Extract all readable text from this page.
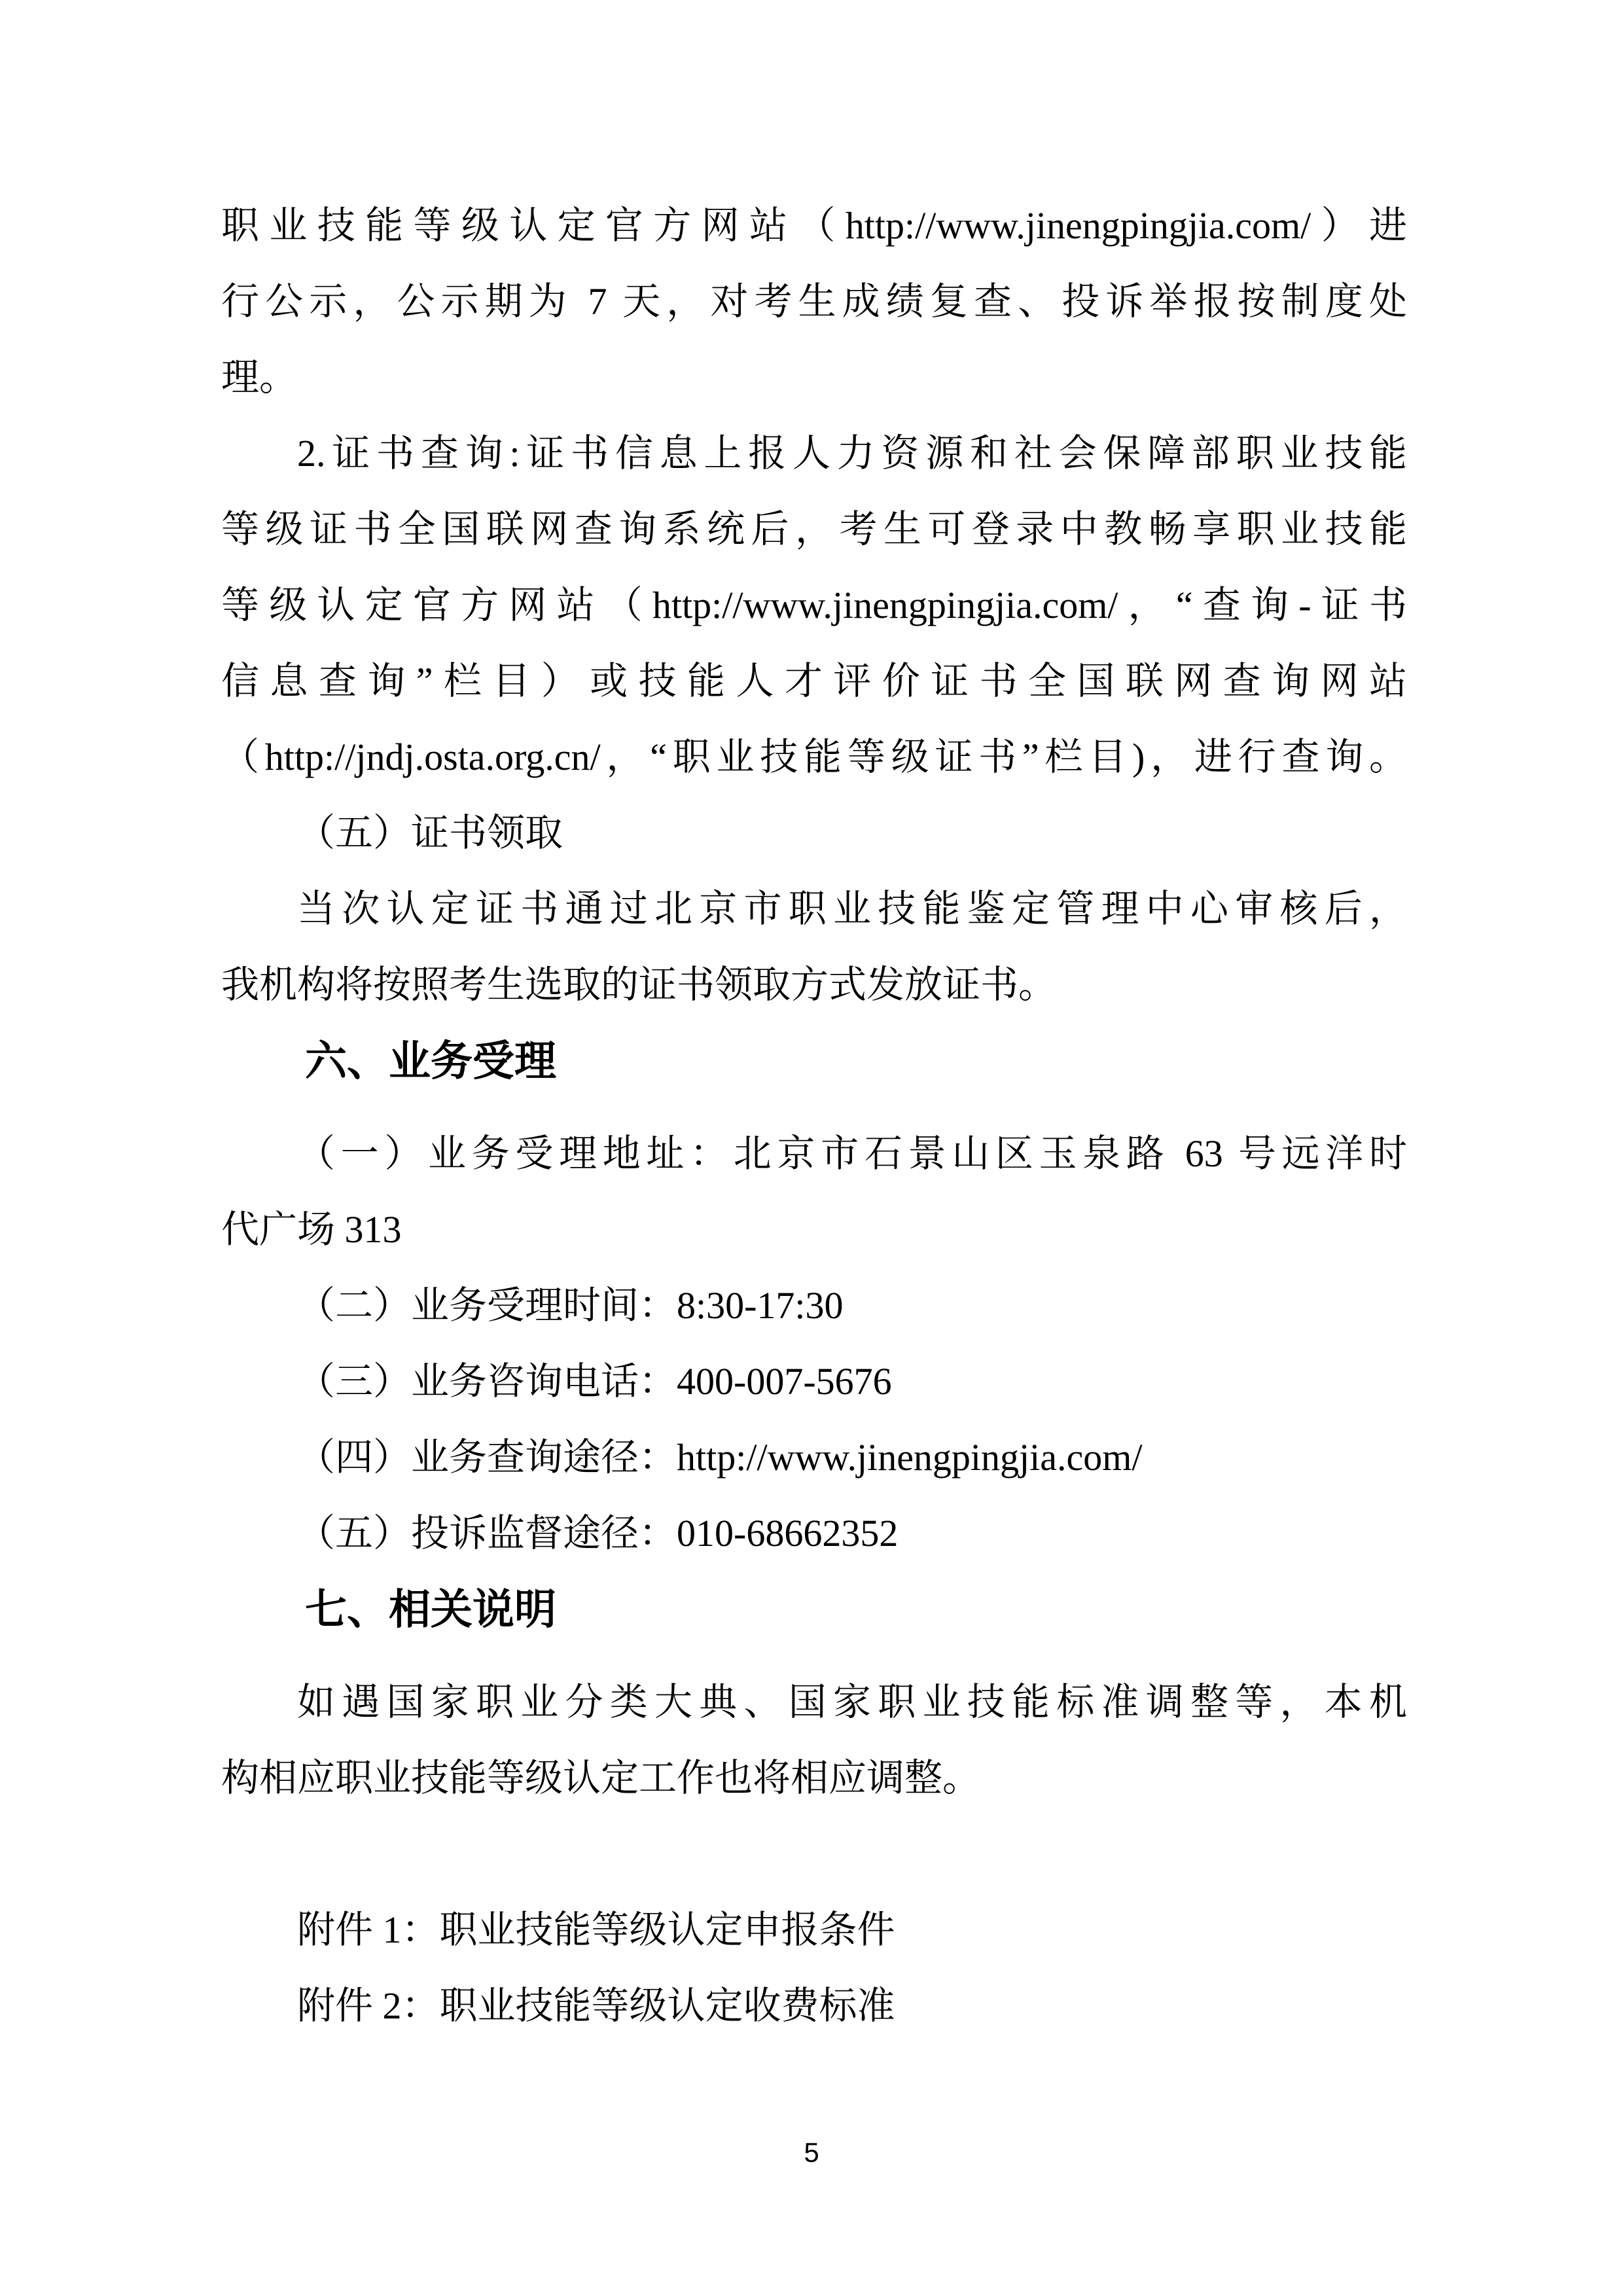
职业技能等级认定官方网站（http://www.jinengpingjia.com/）进
行公示，公示期为 7 天，对考生成绩复查、投诉举报按制度处
理。
2.证书查询:证书信息上报人力资源和社会保障部职业技能
等级证书全国联网查询系统后，考生可登录中教畅享职业技能
等级认定官方网站（http://www.jinengpingjia.com/，“查询-证书
信息查询”栏目）或技能人才评价证书全国联网查询网站
（http://jndj.osta.org.cn/，“职业技能等级证书”栏目)，进行查询。
（五）证书领取
当次认定证书通过北京市职业技能鉴定管理中心审核后，
我机构将按照考生选取的证书领取方式发放证书。
六、业务受理
（一）业务受理地址：北京市石景山区玉泉路 63 号远洋时
代广场 313
（二）业务受理时间：8:30-17:30
（三）业务咨询电话：400-007-5676
（四）业务查询途径：http://www.jinengpingjia.com/
（五）投诉监督途径：010-68662352
七、相关说明
如遇国家职业分类大典、国家职业技能标准调整等，本机
构相应职业技能等级认定工作也将相应调整。
附件 1：职业技能等级认定申报条件
附件 2：职业技能等级认定收费标准
5
